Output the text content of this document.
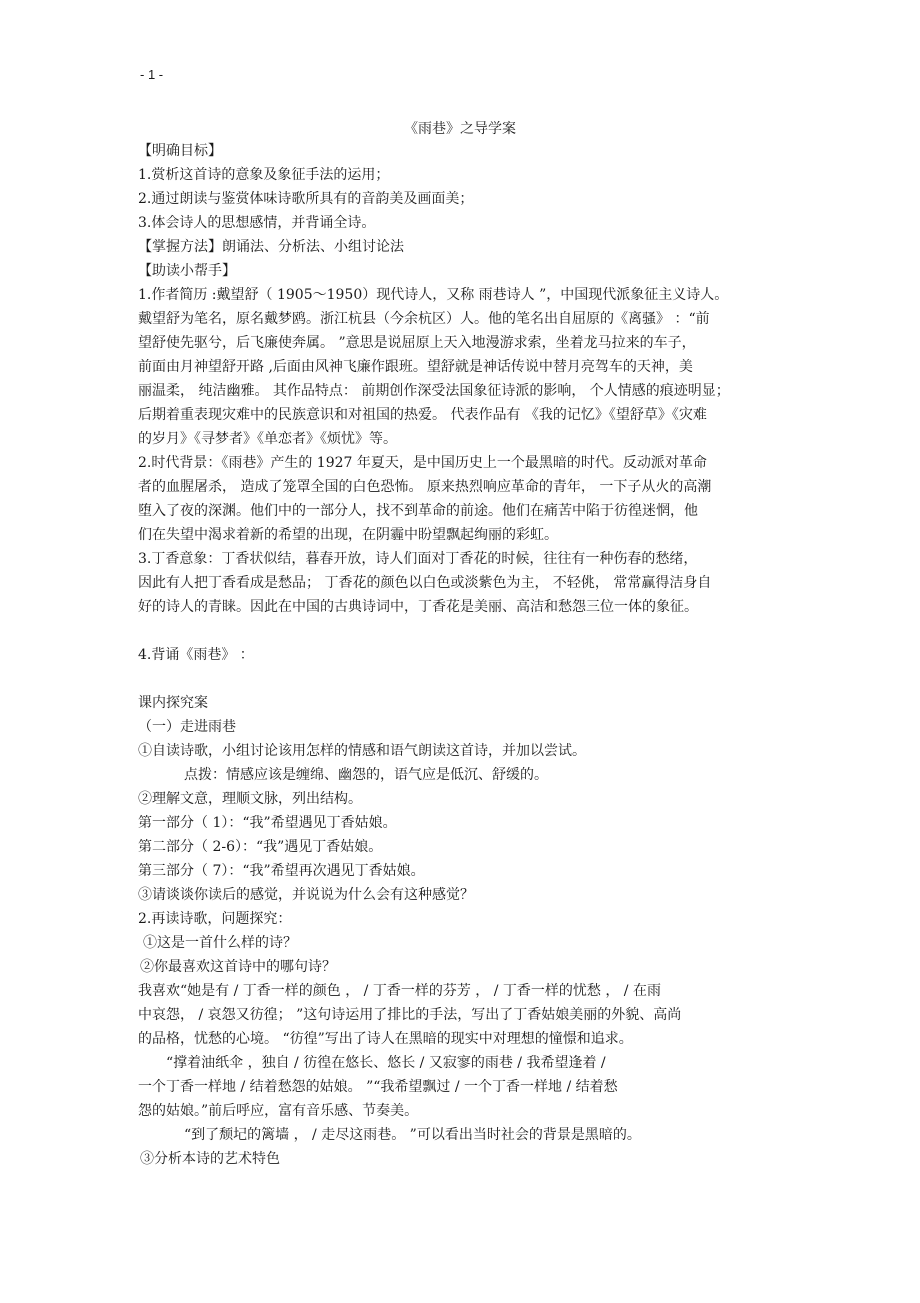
- 1 -
《雨巷》之导学案

【明确目标】

1.赏析这首诗的意象及象征手法的运用；

2.通过朗读与鉴赏体味诗歌所具有的音韵美及画面美；

3.体会诗人的思想感情，并背诵全诗。

【掌握方法】朗诵法、分析法、小组讨论法

【助读小帮手】

1.作者简历 :戴望舒（ 1905～1950）现代诗人，又称 雨巷诗人 ”，中国现代派象征主义诗人。

戴望舒为笔名，原名戴梦鸥。浙江杭县（今余杭区）人。他的笔名出自屈原的《离骚》 ：“前

望舒使先驱兮，后飞廉使奔属。 ”意思是说屈原上天入地漫游求索，坐着龙马拉来的车子，

前面由月神望舒开路 ,后面由风神飞廉作跟班。望舒就是神话传说中替月亮驾车的天神，美

丽温柔， 纯洁幽雅。 其作品特点： 前期创作深受法国象征诗派的影响， 个人情感的痕迹明显；

后期着重表现灾难中的民族意识和对祖国的热爱。 代表作品有 《我的记忆》《望舒草》《灾难

的岁月》《寻梦者》《单恋者》《烦忧》等。

2.时代背景：《雨巷》产生的 1927 年夏天，是中国历史上一个最黑暗的时代。反动派对革命

者的血腥屠杀， 造成了笼罩全国的白色恐怖。 原来热烈响应革命的青年， 一下子从火的高潮

堕入了夜的深渊。他们中的一部分人，找不到革命的前途。他们在痛苦中陷于彷徨迷惘，他

们在失望中渴求着新的希望的出现，在阴霾中盼望飘起绚丽的彩虹。

3.丁香意象：丁香状似结，暮春开放，诗人们面对丁香花的时候，往往有一种伤春的愁绪，

因此有人把丁香看成是愁品； 丁香花的颜色以白色或淡紫色为主， 不轻佻， 常常赢得洁身自

好的诗人的青睐。因此在中国的古典诗词中，丁香花是美丽、高洁和愁怨三位一体的象征。

4.背诵《雨巷》 ：

课内探究案

（一）走进雨巷

①自读诗歌，小组讨论该用怎样的情感和语气朗读这首诗，并加以尝试。

点拨：情感应该是缠绵、幽怨的，语气应是低沉、舒缓的。

②理解文意，理顺文脉，列出结构。

第一部分（ 1）：“我”希望遇见丁香姑娘。

第二部分（ 2-6）：“我”遇见丁香姑娘。

第三部分（ 7）：“我”希望再次遇见丁香姑娘。

③请谈谈你读后的感觉，并说说为什么会有这种感觉？

2.再读诗歌，问题探究：

①这是一首什么样的诗？

②你最喜欢这首诗中的哪句诗？

我喜欢“她是有 / 丁香一样的颜色 ， / 丁香一样的芬芳 ， / 丁香一样的忧愁 ， / 在雨

中哀怨， / 哀怨又彷徨； ”这句诗运用了排比的手法，写出了丁香姑娘美丽的外貌、高尚

的品格，忧愁的心境。 “彷徨”写出了诗人在黑暗的现实中对理想的憧憬和追求。

“撑着油纸伞 ，独自 / 彷徨在悠长、悠长 / 又寂寥的雨巷 / 我希望逢着 /

一个丁香一样地 / 结着愁怨的姑娘。 ”“我希望飘过 / 一个丁香一样地 / 结着愁

怨的姑娘。”前后呼应，富有音乐感、节奏美。

“到了颓圮的篱墙 ， / 走尽这雨巷。 ”可以看出当时社会的背景是黑暗的。

③分析本诗的艺术特色
